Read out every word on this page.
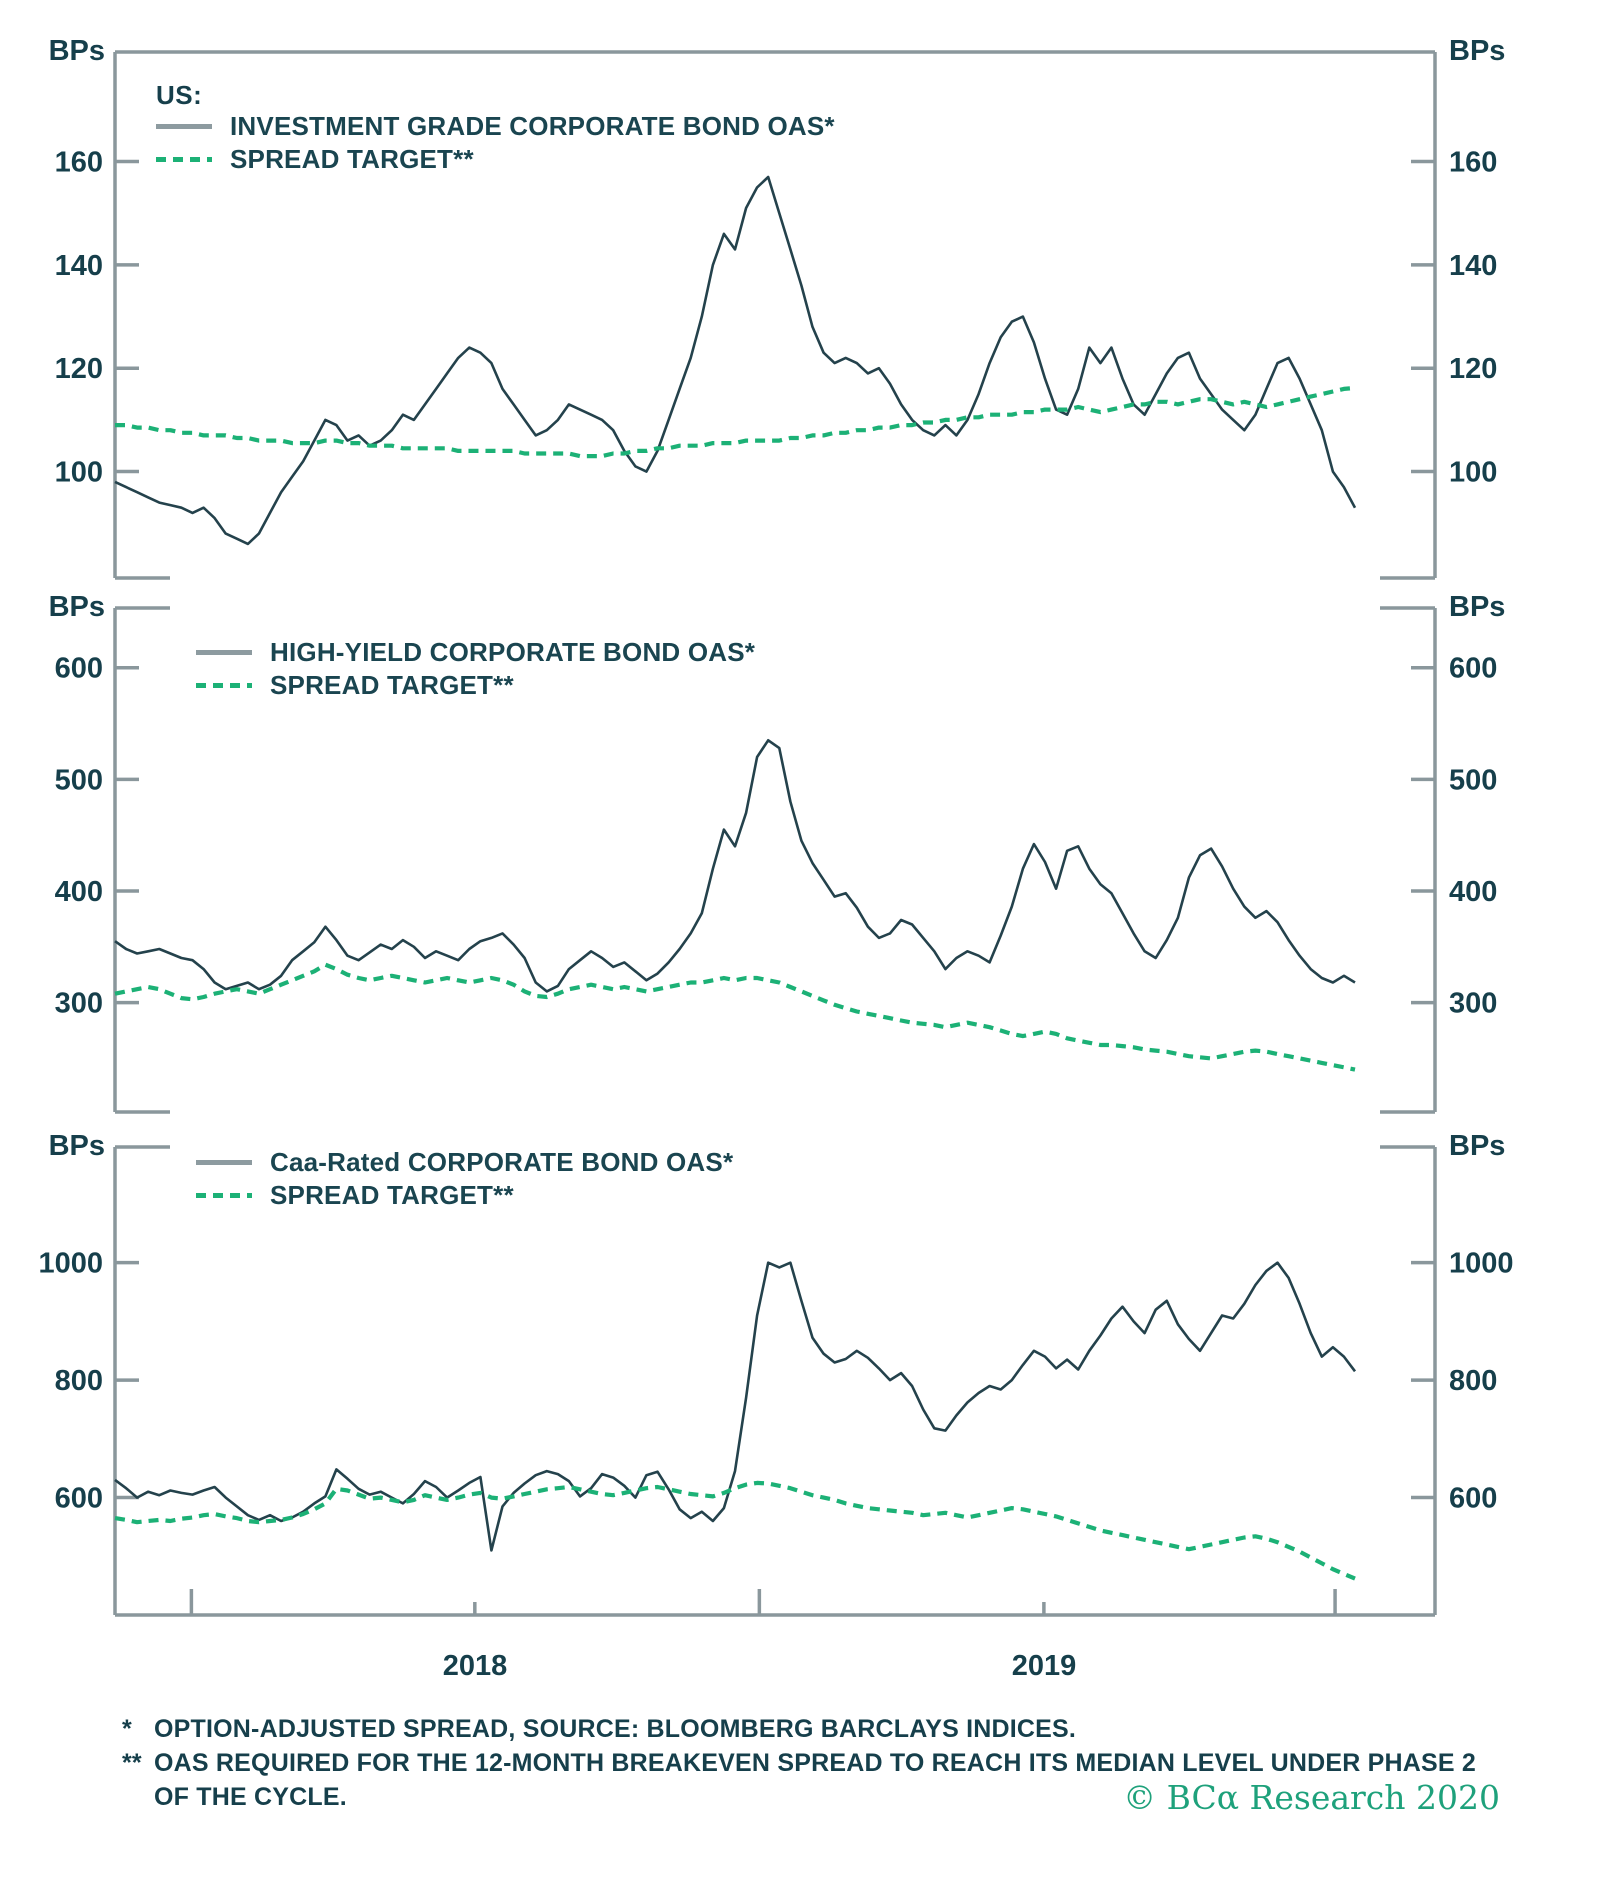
100	100
120	120
140	140
160	160
BPs	BPs
300	300
400	400
500	500
600	600
BPs	BPs
600	600
800	800
1000	1000
BPs	BPs
US:
INVESTMENT GRADE CORPORATE BOND OAS*
SPREAD TARGET**
HIGH-YIELD CORPORATE BOND OAS*
SPREAD TARGET**
Caa-Rated CORPORATE BOND OAS*
SPREAD TARGET**
2018	2019
* OPTION-ADJUSTED SPREAD, SOURCE: BLOOMBERG BARCLAYS INDICES.
** OAS REQUIRED FOR THE 12-MONTH BREAKEVEN SPREAD TO REACH ITS MEDIAN LEVEL UNDER PHASE 2
OF THE CYCLE.	© BCα Research 2020
